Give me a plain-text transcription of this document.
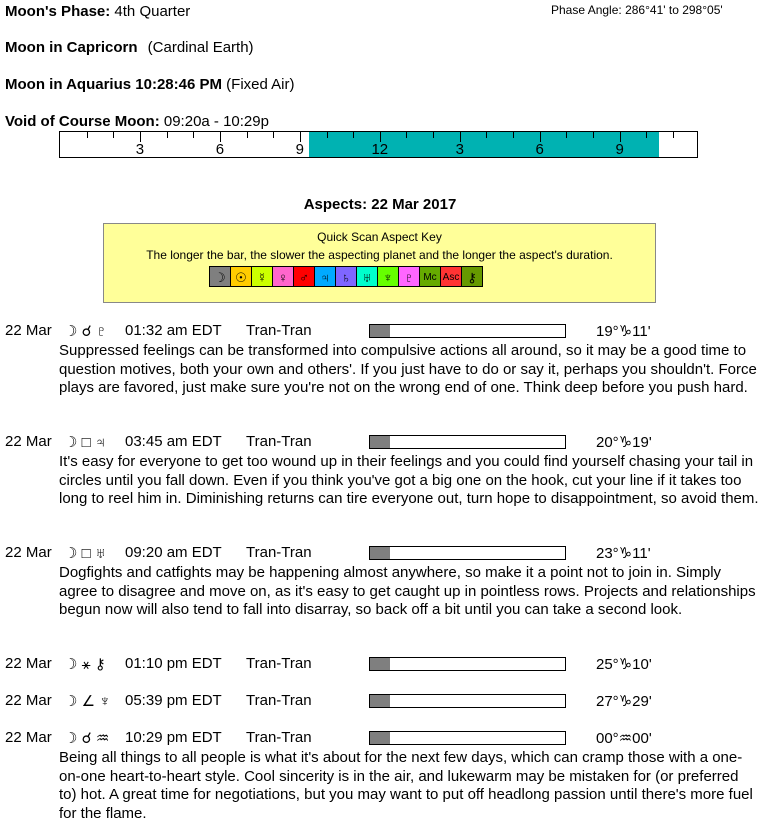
Moon's Phase: 4th Quarter	Phase Angle: 286°41' to 298°05'
Moon in Capricorn (Cardinal Earth)
Moon in Aquarius 10:28:46 PM (Fixed Air)
Void of Course Moon: 09:20a - 10:29p
3	6	9	12	3	6	9
Aspects: 22 Mar 2017
Quick Scan Aspect Key
The longer the bar, the slower the aspecting planet and the longer the aspect's duration.
☽ ☉ ☿ ♀ ♂ ♃ ♄ ♅ ♆ ♇ Mc Asc ⚷
22 Mar ☽ ☌ ♇ 01:32 am EDT Tran-Tran	19°♑11'
Suppressed feelings can be transformed into compulsive actions all around, so it may be a good time to question motives, both your own and others'. If you just have to do or say it, perhaps you shouldn't. Force plays are favored, just make sure you're not on the wrong end of one. Think deep before you push hard.
22 Mar ☽ □ ♃ 03:45 am EDT Tran-Tran	20°♑19'
It's easy for everyone to get too wound up in their feelings and you could find yourself chasing your tail in circles until you fall down. Even if you think you've got a big one on the hook, cut your line if it takes too long to reel him in. Diminishing returns can tire everyone out, turn hope to disappointment, so avoid them.
22 Mar ☽ □ ♅ 09:20 am EDT Tran-Tran	23°♑11'
Dogfights and catfights may be happening almost anywhere, so make it a point not to join in. Simply agree to disagree and move on, as it's easy to get caught up in pointless rows. Projects and relationships begun now will also tend to fall into disarray, so back off a bit until you can take a second look.
22 Mar ☽ ⚹ ⚷ 01:10 pm EDT Tran-Tran	25°♑10'
22 Mar ☽ ∠ ♆ 05:39 pm EDT Tran-Tran	27°♑29'
22 Mar ☽ ☌ ♒ 10:29 pm EDT Tran-Tran	00°♒00'
Being all things to all people is what it's about for the next few days, which can cramp those with a one-on-one heart-to-heart style. Cool sincerity is in the air, and lukewarm may be mistaken for (or preferred to) hot. A great time for negotiations, but you may want to put off headlong passion until there's more fuel for the flame.
